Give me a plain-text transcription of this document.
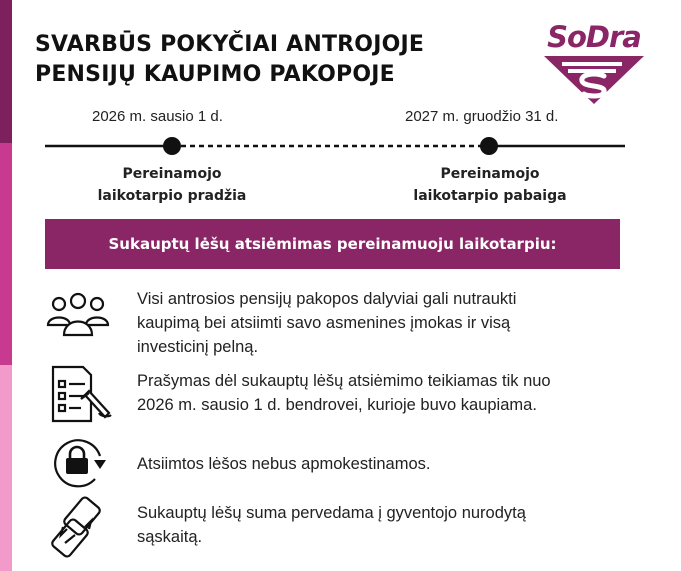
SVARBŪS POKYČIAI ANTROJOJE
PENSIJŲ KAUPIMO PAKOPOJE
SoDra
2026 m. sausio 1 d.	2027 m. gruodžio 31 d.
Pereinamojo
laikotarpio pradžia
Pereinamojo
laikotarpio pabaiga
Sukauptų lėšų atsiėmimas pereinamuoju laikotarpiu:
Visi antrosios pensijų pakopos dalyviai gali nutraukti
kaupimą bei atsiimti savo asmenines įmokas ir visą
investicinį pelną.
Prašymas dėl sukauptų lėšų atsiėmimo teikiamas tik nuo
2026 m. sausio 1 d. bendrovei, kurioje buvo kaupiama.
Atsiimtos lėšos nebus apmokestinamos.
Sukauptų lėšų suma pervedama į gyventojo nurodytą
sąskaitą.
